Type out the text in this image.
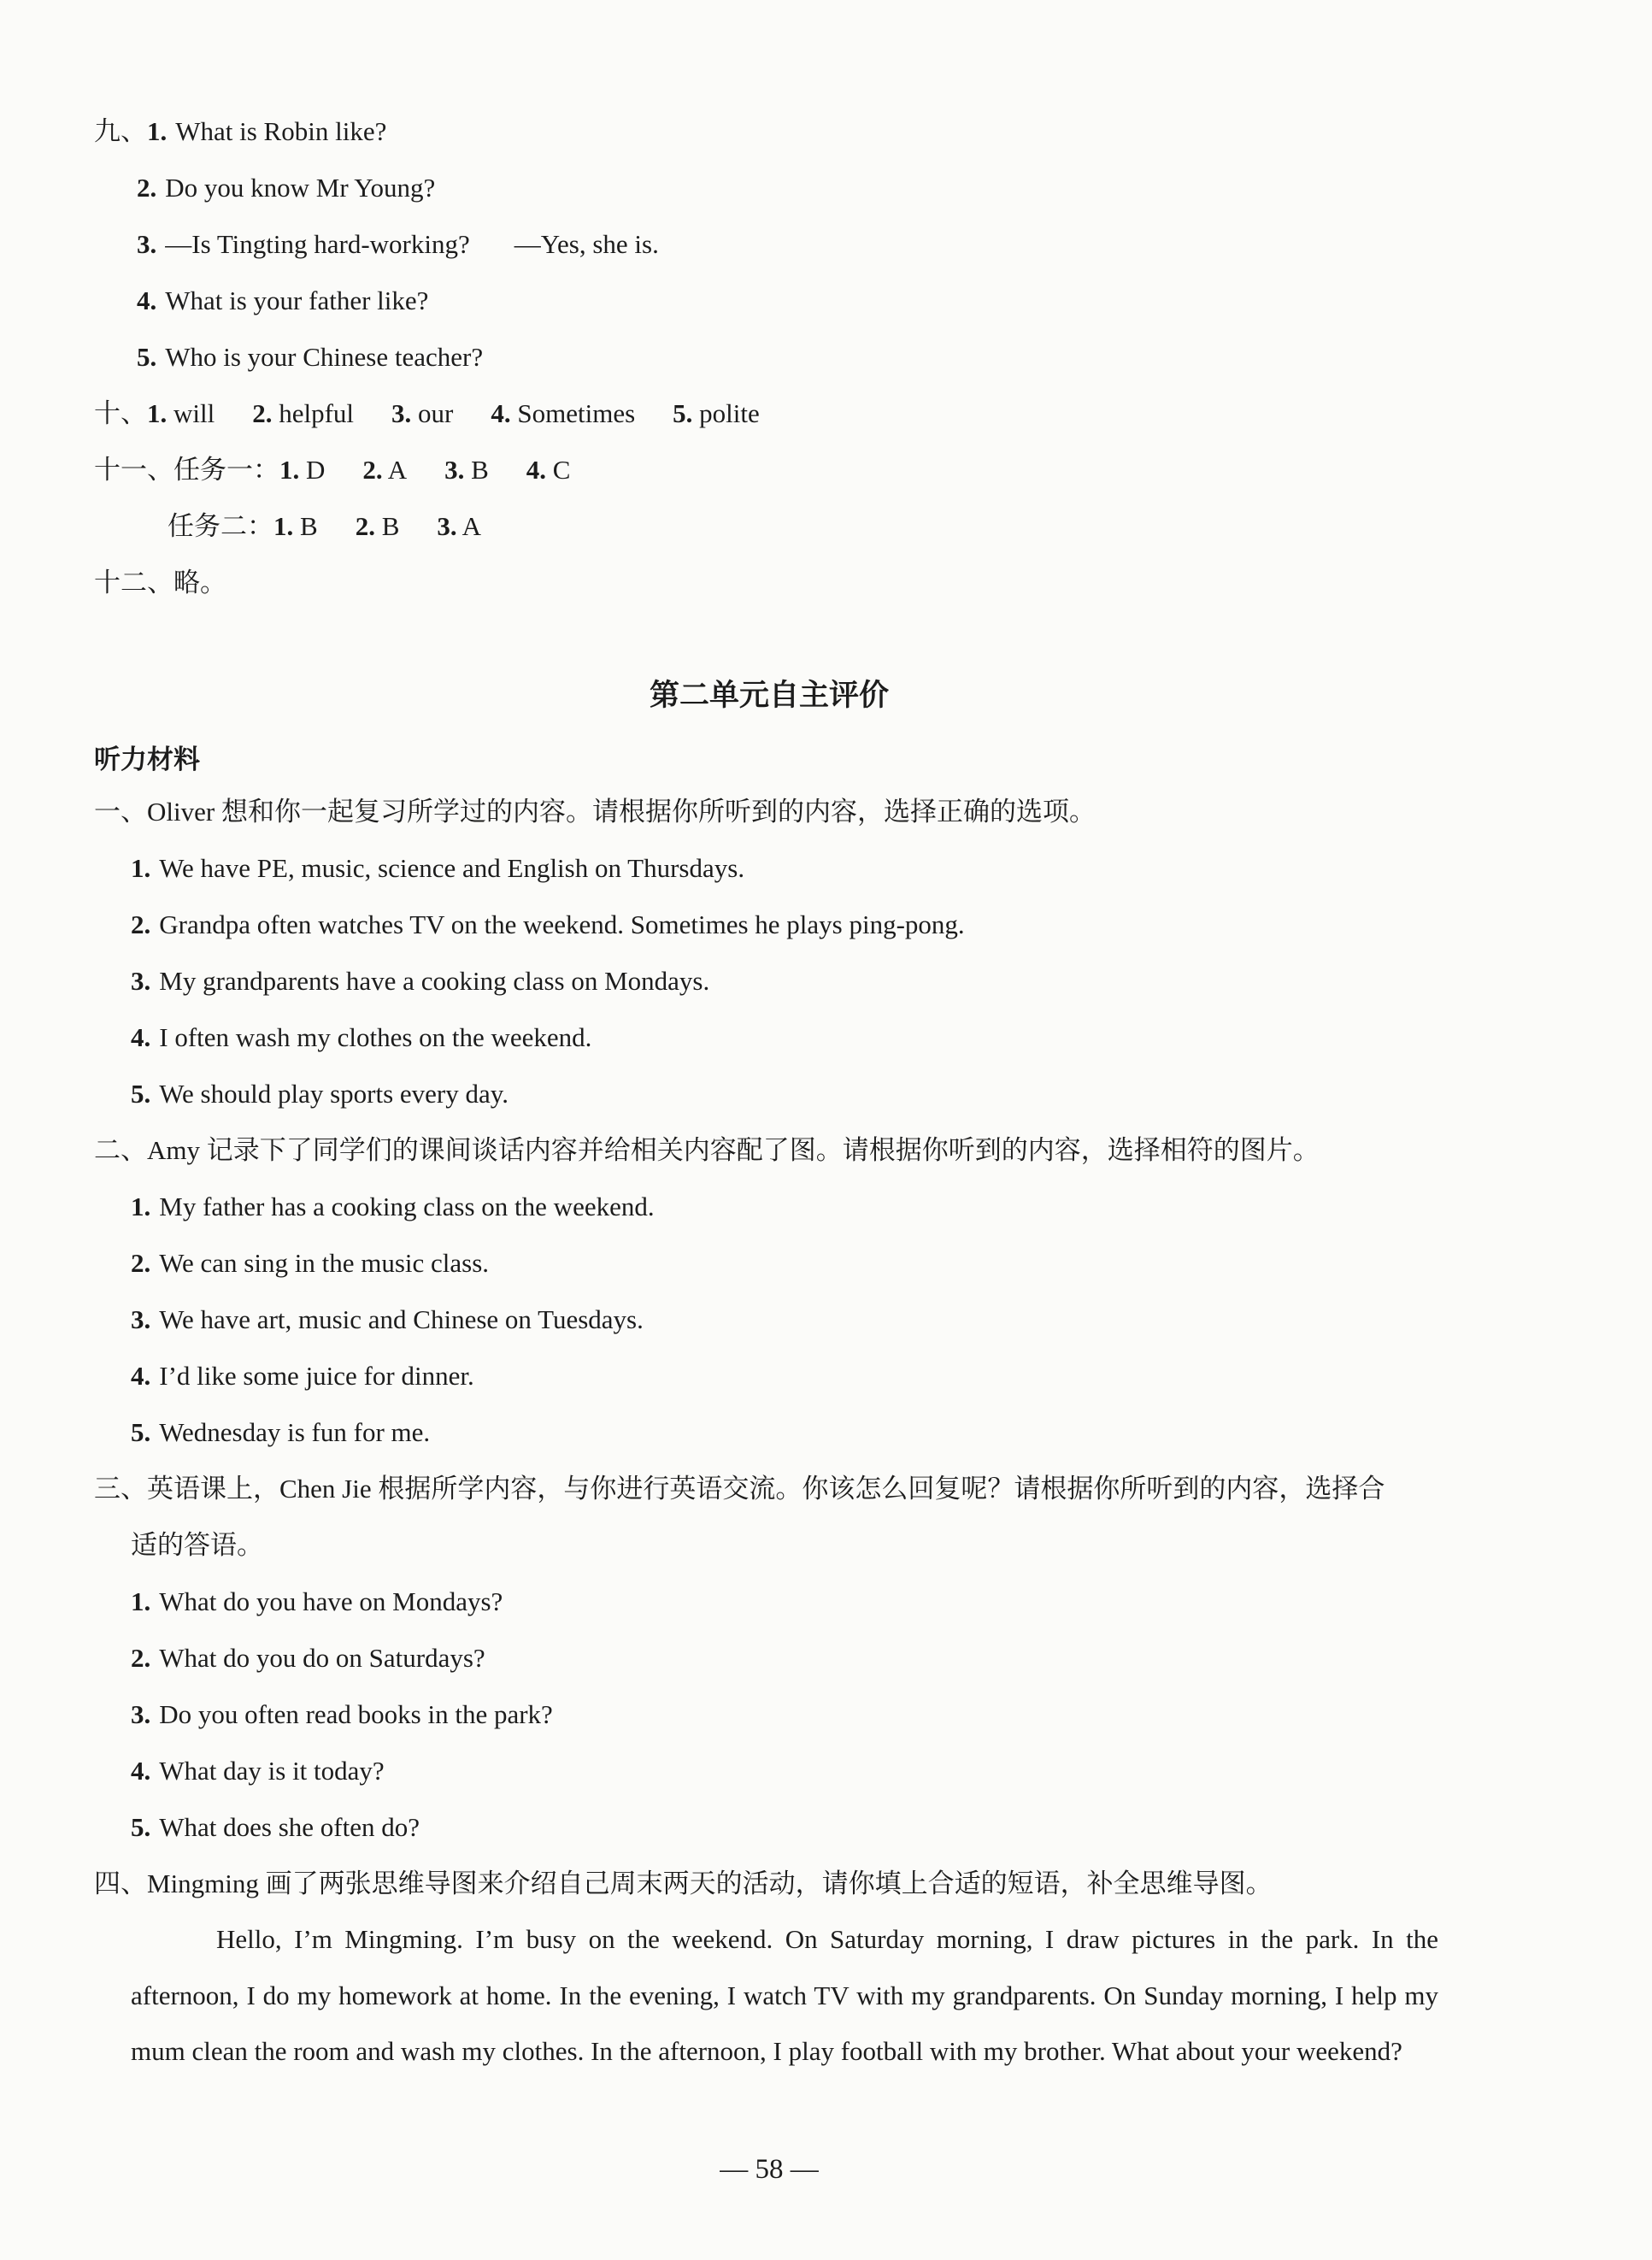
九、1. What is Robin like?
2. Do you know Mr Young?
3. —Is Tingting hard-working? —Yes, she is.
4. What is your father like?
5. Who is your Chinese teacher?
十、1. will 2. helpful 3. our 4. Sometimes 5. polite
十一、任务一：1. D 2. A 3. B 4. C
任务二：1. B 2. B 3. A
十二、略。
第二单元自主评价
听力材料
一、Oliver 想和你一起复习所学过的内容。请根据你所听到的内容，选择正确的选项。
1. We have PE, music, science and English on Thursdays.
2. Grandpa often watches TV on the weekend. Sometimes he plays ping-pong.
3. My grandparents have a cooking class on Mondays.
4. I often wash my clothes on the weekend.
5. We should play sports every day.
二、Amy 记录下了同学们的课间谈话内容并给相关内容配了图。请根据你听到的内容，选择相符的图片。
1. My father has a cooking class on the weekend.
2. We can sing in the music class.
3. We have art, music and Chinese on Tuesdays.
4. I’d like some juice for dinner.
5. Wednesday is fun for me.
三、英语课上，Chen Jie 根据所学内容，与你进行英语交流。你该怎么回复呢？请根据你所听到的内容，选择合
适的答语。
1. What do you have on Mondays?
2. What do you do on Saturdays?
3. Do you often read books in the park?
4. What day is it today?
5. What does she often do?
四、Mingming 画了两张思维导图来介绍自己周末两天的活动，请你填上合适的短语，补全思维导图。
Hello, I’m Mingming. I’m busy on the weekend. On Saturday morning, I draw pictures in the park. In the afternoon, I do my homework at home. In the evening, I watch TV with my grandparents. On Sunday morning, I help my mum clean the room and wash my clothes. In the afternoon, I play football with my brother. What about your weekend?
— 58 —
